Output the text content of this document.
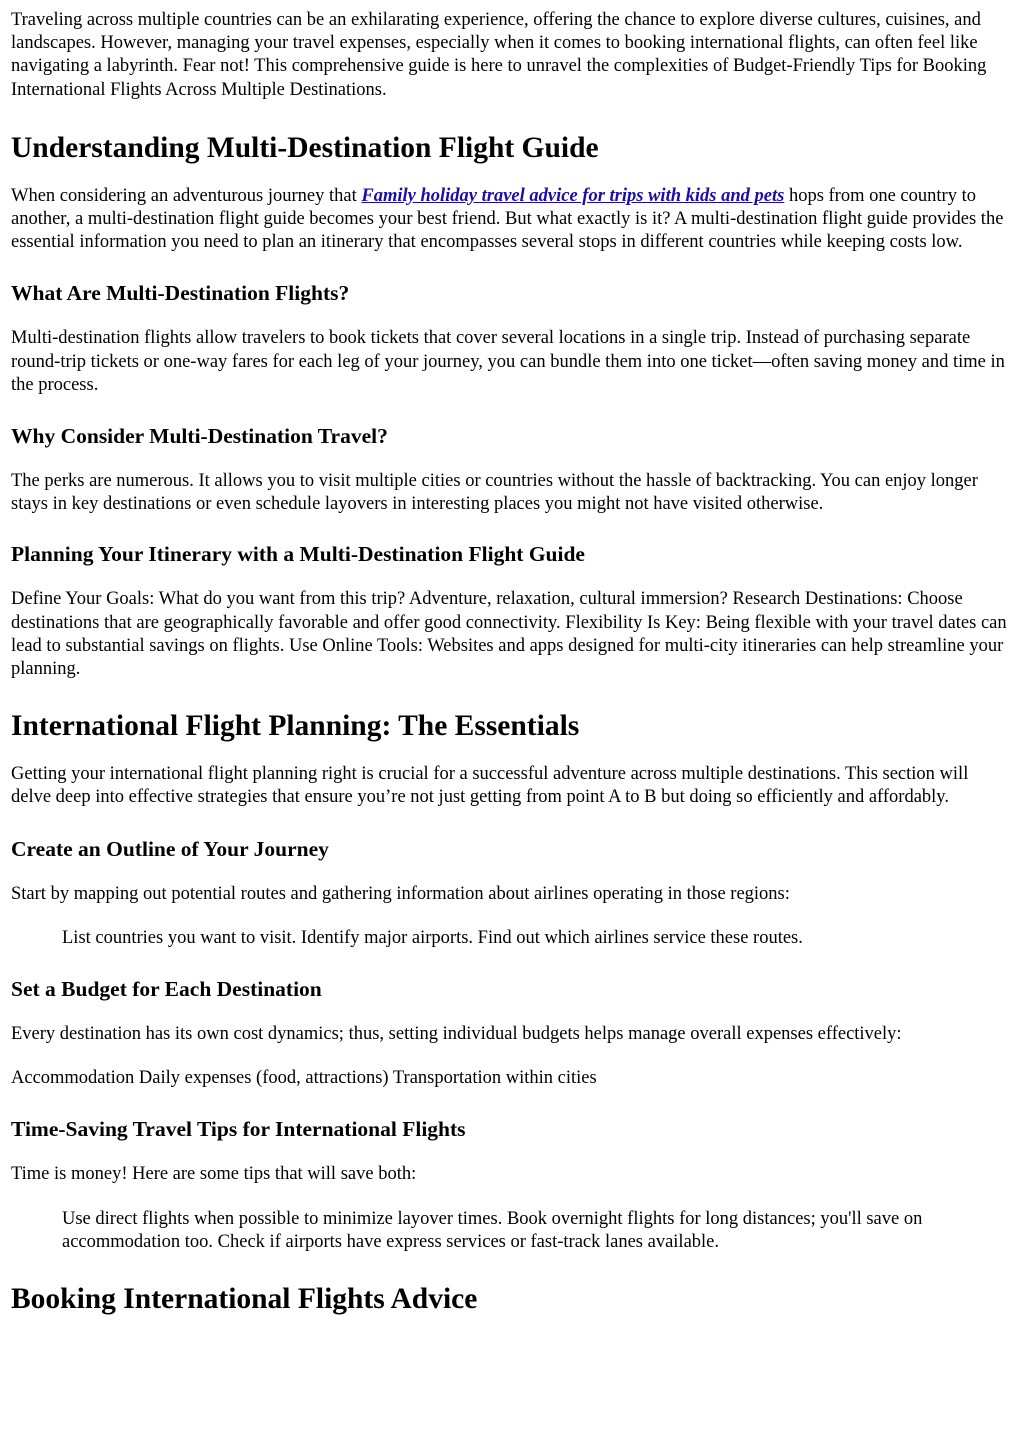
Traveling across multiple countries can be an exhilarating experience, offering the chance to explore diverse cultures, cuisines, and landscapes. However, managing your travel expenses, especially when it comes to booking international flights, can often feel like navigating a labyrinth. Fear not! This comprehensive guide is here to unravel the complexities of Budget-Friendly Tips for Booking International Flights Across Multiple Destinations.

Understanding Multi-Destination Flight Guide

When considering an adventurous journey that Family holiday travel advice for trips with kids and pets hops from one country to another, a multi-destination flight guide becomes your best friend. But what exactly is it? A multi-destination flight guide provides the essential information you need to plan an itinerary that encompasses several stops in different countries while keeping costs low.

What Are Multi-Destination Flights?

Multi-destination flights allow travelers to book tickets that cover several locations in a single trip. Instead of purchasing separate round-trip tickets or one-way fares for each leg of your journey, you can bundle them into one ticket—often saving money and time in the process.

Why Consider Multi-Destination Travel?

The perks are numerous. It allows you to visit multiple cities or countries without the hassle of backtracking. You can enjoy longer stays in key destinations or even schedule layovers in interesting places you might not have visited otherwise.

Planning Your Itinerary with a Multi-Destination Flight Guide

Define Your Goals: What do you want from this trip? Adventure, relaxation, cultural immersion? Research Destinations: Choose destinations that are geographically favorable and offer good connectivity. Flexibility Is Key: Being flexible with your travel dates can lead to substantial savings on flights. Use Online Tools: Websites and apps designed for multi-city itineraries can help streamline your planning.

International Flight Planning: The Essentials

Getting your international flight planning right is crucial for a successful adventure across multiple destinations. This section will delve deep into effective strategies that ensure you’re not just getting from point A to B but doing so efficiently and affordably.

Create an Outline of Your Journey

Start by mapping out potential routes and gathering information about airlines operating in those regions:

List countries you want to visit. Identify major airports. Find out which airlines service these routes.

Set a Budget for Each Destination

Every destination has its own cost dynamics; thus, setting individual budgets helps manage overall expenses effectively:

Accommodation Daily expenses (food, attractions) Transportation within cities

Time-Saving Travel Tips for International Flights

Time is money! Here are some tips that will save both:

Use direct flights when possible to minimize layover times. Book overnight flights for long distances; you'll save on accommodation too. Check if airports have express services or fast-track lanes available.

Booking International Flights Advice
